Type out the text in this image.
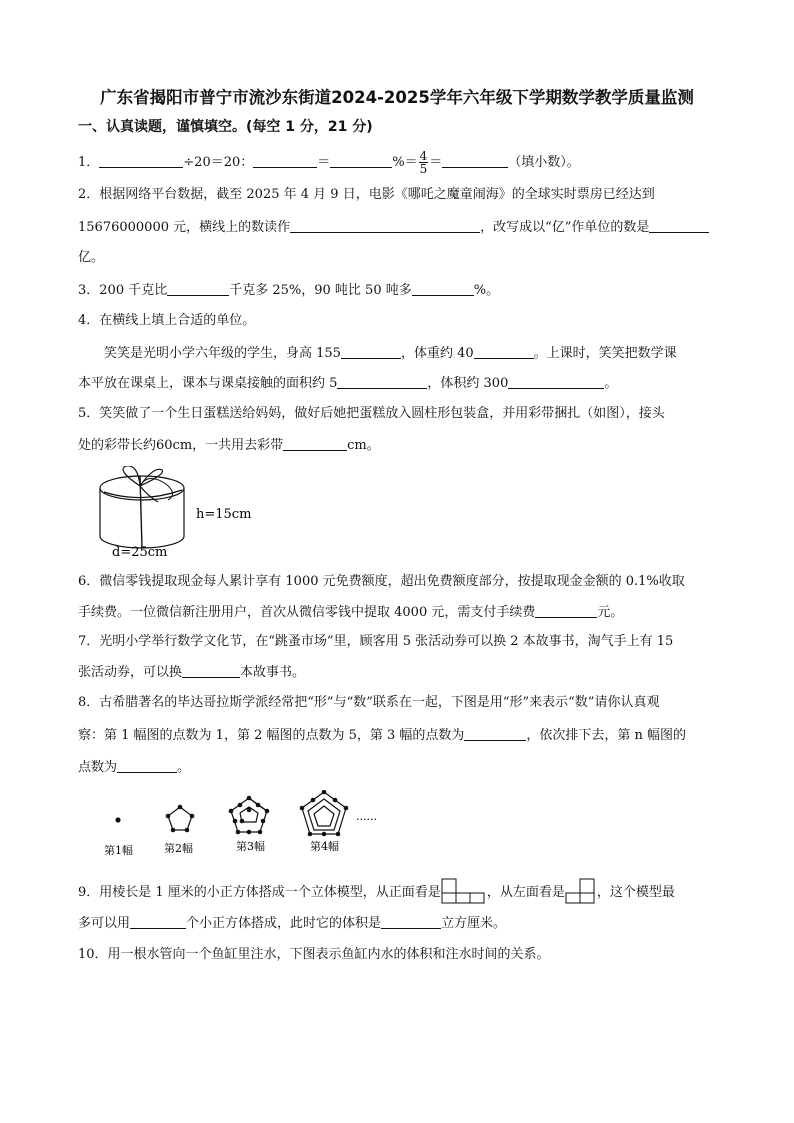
广东省揭阳市普宁市流沙东街道2024-2025学年六年级下学期数学教学质量监测
一、认真读题，谨慎填空。(每空 1 分，21 分)
1．	÷20＝20：	＝	%＝ $\frac{4}{5}$ ＝	（填小数）。
2．根据网络平台数据，截至 2025 年 4 月 9 日，电影《哪吒之魔童闹海》的全球实时票房已经达到
15676000000 元，横线上的数读作	，改写成以“亿”作单位的数是
亿。
3．200 千克比	千克多 25%，90 吨比 50 吨多	%。
4．在横线上填上合适的单位。
笑笑是光明小学六年级的学生，身高 155	，体重约 40	。上课时，笑笑把数学课
本平放在课桌上，课本与课桌接触的面积约 5	，体积约 300	。
5．笑笑做了一个生日蛋糕送给妈妈，做好后她把蛋糕放入圆柱形包装盒，并用彩带捆扎（如图），接头
处的彩带长约60cm，一共用去彩带	cm。
h=15cm
d=25cm
6．微信零钱提取现金每人累计享有 1000 元免费额度，超出免费额度部分，按提取现金金额的 0.1%收取
手续费。一位微信新注册用户，首次从微信零钱中提取 4000 元，需支付手续费	元。
7．光明小学举行数学文化节，在“跳蚤市场”里，顾客用 5 张活动券可以换 2 本故事书，淘气手上有 15
张活动券，可以换	本故事书。
8．古希腊著名的毕达哥拉斯学派经常把“形”与“数”联系在一起，下图是用“形”来表示“数”请你认真观
察：第 1 幅图的点数为 1，第 2 幅图的点数为 5，第 3 幅的点数为	，依次排下去，第 n 幅图的
点数为	。
......
第1幅	第2幅	第3幅	第4幅
9．用棱长是 1 厘米的小正方体搭成一个立体模型，从正面看是	，从左面看是 ，这个模型最
多可以用	个小正方体搭成，此时它的体积是	立方厘米。
10．用一根水管向一个鱼缸里注水，下图表示鱼缸内水的体积和注水时间的关系。
